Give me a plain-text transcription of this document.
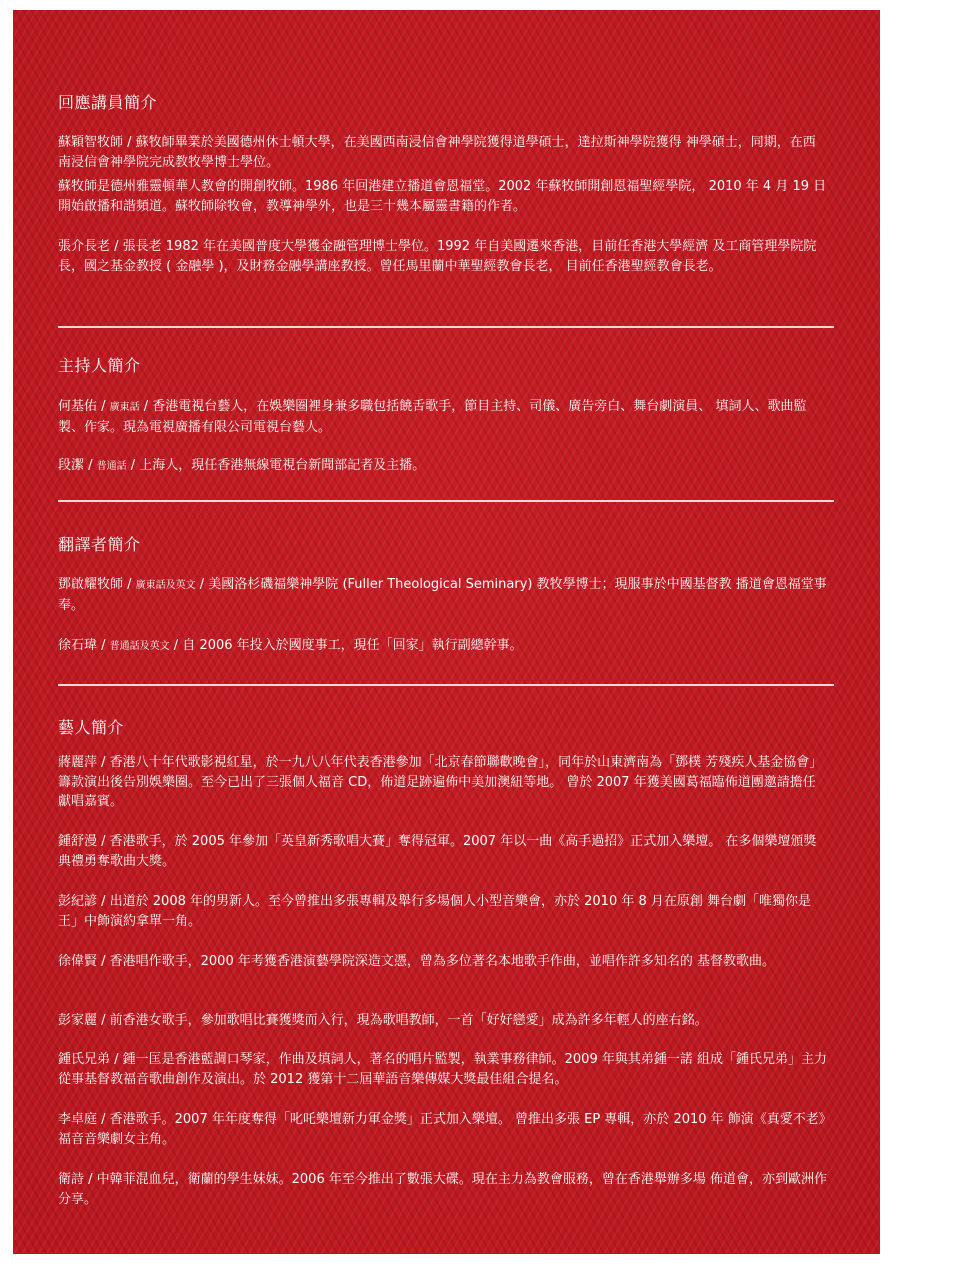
回應講員簡介

蘇穎智牧師 / 蘇牧師畢業於美國德州休士頓大學，在美國西南浸信會神學院獲得道學碩士，達拉斯神學院獲得 神學碩士，同期，在西南浸信會神學院完成教牧學博士學位。

蘇牧師是德州雅靈頓華人教會的開創牧師。1986 年回港建立播道會恩福堂。2002 年蘇牧師開創恩福聖經學院， 2010 年 4 月 19 日開始啟播和諧頻道。蘇牧師除牧會，教導神學外，也是三十幾本屬靈書籍的作者。

張介長老 / 張長老 1982 年在美國普度大學獲金融管理博士學位。1992 年自美國遷來香港，目前任香港大學經濟 及工商管理學院院長，國之基金教授 ( 金融學 )，及財務金融學講座教授。曾任馬里蘭中華聖經教會長老， 目前任香港聖經教會長老。

主持人簡介

何基佑 / 廣東話 / 香港電視台藝人，在娛樂圈裡身兼多職包括饒舌歌手，節目主持、司儀、廣告旁白、舞台劇演員、 填詞人、歌曲監製、作家。現為電視廣播有限公司電視台藝人。

段潔 / 普通話 / 上海人，現任香港無線電視台新聞部記者及主播。

翻譯者簡介

鄧啟耀牧師 / 廣東話及英文 / 美國洛杉磯福樂神學院 (Fuller Theological Seminary) 教牧學博士；現服事於中國基督教 播道會恩福堂事奉。

徐石瑋 / 普通話及英文 / 自 2006 年投入於國度事工，現任「回家」執行副總幹事。

藝人簡介

蔣麗萍 / 香港八十年代歌影視紅星，於一九八八年代表香港參加「北京春節聯歡晚會」，同年於山東濟南為「鄧樸 芳殘疾人基金協會」籌款演出後告別娛樂圈。至今已出了三張個人福音 CD，佈道足跡遍佈中美加澳紐等地。 曾於 2007 年獲美國葛福臨佈道團邀請擔任獻唱嘉賓。

鍾舒漫 / 香港歌手，於 2005 年參加「英皇新秀歌唱大賽」奪得冠軍。2007 年以一曲《高手過招》正式加入樂壇。 在多個樂壇頒獎典禮勇奪歌曲大獎。

彭紀諺 / 出道於 2008 年的男新人。至今曾推出多張專輯及舉行多場個人小型音樂會，亦於 2010 年 8 月在原創 舞台劇「唯獨你是王」中飾演約拿單一角。

徐偉賢 / 香港唱作歌手，2000 年考獲香港演藝學院深造文憑，曾為多位著名本地歌手作曲，並唱作許多知名的 基督教歌曲。

彭家麗 / 前香港女歌手，參加歌唱比賽獲獎而入行，現為歌唱教師，一首「好好戀愛」成為許多年輕人的座右銘。

鍾氏兄弟 / 鍾一匡是香港藍調口琴家，作曲及填詞人，著名的唱片監製，執業事務律師。2009 年與其弟鍾一諾 組成「鍾氏兄弟」主力從事基督教福音歌曲創作及演出。於 2012 獲第十二屆華語音樂傳媒大獎最佳組合提名。

李卓庭 / 香港歌手。2007 年年度奪得「叱吒樂壇新力軍金獎」正式加入樂壇。 曾推出多張 EP 專輯，亦於 2010 年 飾演《真愛不老》福音音樂劇女主角。

衛詩 / 中韓菲混血兒，衛蘭的學生妹妹。2006 年至今推出了數張大碟。現在主力為教會服務，曾在香港舉辦多場 佈道會，亦到歐洲作分享。
